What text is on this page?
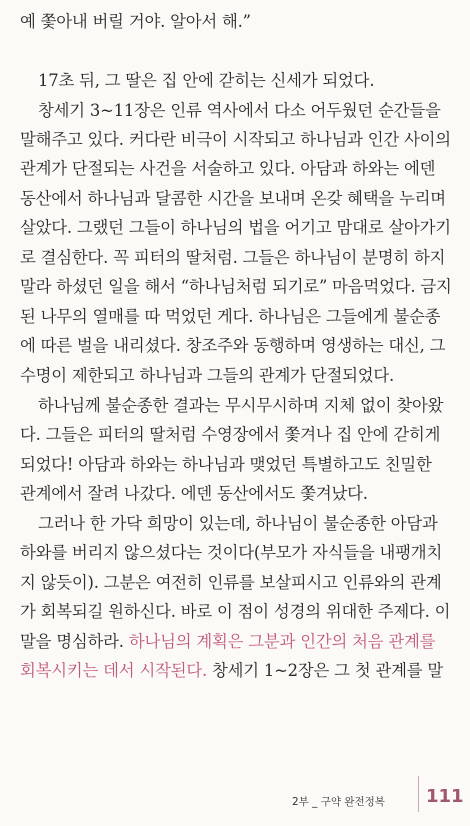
예 쫓아내 버릴 거야. 알아서 해.”
17초 뒤, 그 딸은 집 안에 갇히는 신세가 되었다.
창세기 3~11장은 인류 역사에서 다소 어두웠던 순간들을
말해주고 있다. 커다란 비극이 시작되고 하나님과 인간 사이의
관계가 단절되는 사건을 서술하고 있다. 아담과 하와는 에덴
동산에서 하나님과 달콤한 시간을 보내며 온갖 혜택을 누리며
살았다. 그랬던 그들이 하나님의 법을 어기고 맘대로 살아가기
로 결심한다. 꼭 피터의 딸처럼. 그들은 하나님이 분명히 하지
말라 하셨던 일을 해서 “하나님처럼 되기로” 마음먹었다. 금지
된 나무의 열매를 따 먹었던 게다. 하나님은 그들에게 불순종
에 따른 벌을 내리셨다. 창조주와 동행하며 영생하는 대신, 그
수명이 제한되고 하나님과 그들의 관계가 단절되었다.
하나님께 불순종한 결과는 무시무시하며 지체 없이 찾아왔
다. 그들은 피터의 딸처럼 수영장에서 쫓겨나 집 안에 갇히게
되었다! 아담과 하와는 하나님과 맺었던 특별하고도 친밀한
관계에서 잘려 나갔다. 에덴 동산에서도 쫓겨났다.
그러나 한 가닥 희망이 있는데, 하나님이 불순종한 아담과
하와를 버리지 않으셨다는 것이다(부모가 자식들을 내팽개치
지 않듯이). 그분은 여전히 인류를 보살피시고 인류와의 관계
가 회복되길 원하신다. 바로 이 점이 성경의 위대한 주제다. 이
말을 명심하라. 하나님의 계획은 그분과 인간의 처음 관계를
회복시키는 데서 시작된다. 창세기 1~2장은 그 첫 관계를 말
2부 _ 구약 완전정복 111
